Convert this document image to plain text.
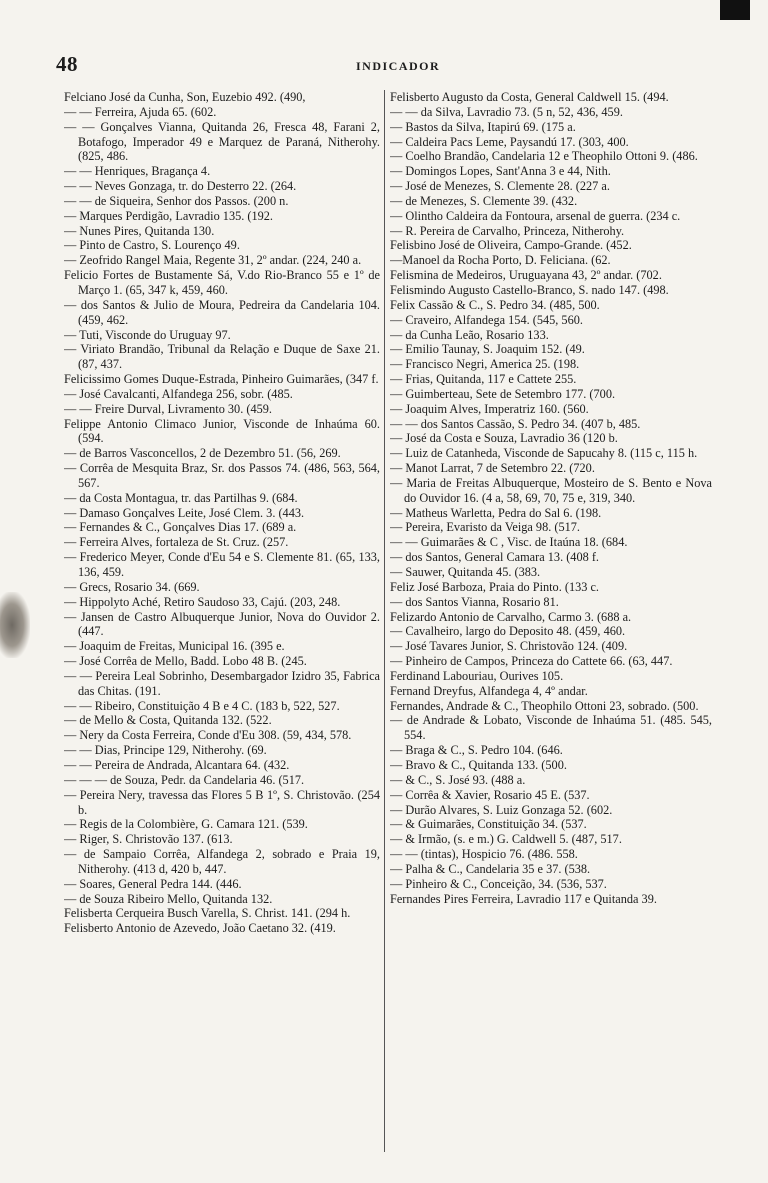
48	INDICADOR

Felciano José da Cunha, Son, Euzebio 492. (490,

— — Ferreira, Ajuda 65. (602.

— — Gonçalves Vianna, Quitanda 26, Fresca 48, Farani 2, Botafogo, Imperador 49 e Marquez de Paraná, Nitherohy. (825, 486.

— — Henriques, Bragança 4.

— — Neves Gonzaga, tr. do Desterro 22. (264.

— — de Siqueira, Senhor dos Passos. (200 n.

— Marques Perdigão, Lavradio 135. (192.

— Nunes Pires, Quitanda 130.

— Pinto de Castro, S. Lourenço 49.

— Zeofrido Rangel Maia, Regente 31, 2º andar. (224, 240 a.

Felicio Fortes de Bustamente Sá, V.do Rio-Branco 55 e 1º de Março 1. (65, 347 k, 459, 460.

— dos Santos & Julio de Moura, Pedreira da Candelaria 104. (459, 462.

— Tuti, Visconde do Uruguay 97.

— Viriato Brandão, Tribunal da Relação e Duque de Saxe 21. (87, 437.

Felicissimo Gomes Duque-Estrada, Pinheiro Guimarães, (347 f.

— José Cavalcanti, Alfandega 256, sobr. (485.

— — Freire Durval, Livramento 30. (459.

Felippe Antonio Climaco Junior, Visconde de Inhaúma 60. (594.

— de Barros Vasconcellos, 2 de Dezembro 51. (56, 269.

— Corrêa de Mesquita Braz, Sr. dos Passos 74. (486, 563, 564, 567.

— da Costa Montagua, tr. das Partilhas 9. (684.

— Damaso Gonçalves Leite, José Clem. 3. (443.

— Fernandes & C., Gonçalves Dias 17. (689 a.

— Ferreira Alves, fortaleza de St. Cruz. (257.

— Frederico Meyer, Conde d'Eu 54 e S. Clemente 81. (65, 133, 136, 459.

— Grecs, Rosario 34. (669.

— Hippolyto Aché, Retiro Saudoso 33, Cajú. (203, 248.

— Jansen de Castro Albuquerque Junior, Nova do Ouvidor 2. (447.

— Joaquim de Freitas, Municipal 16. (395 e.

— José Corrêa de Mello, Badd. Lobo 48 B. (245.

— — Pereira Leal Sobrinho, Desembargador Izidro 35, Fabrica das Chitas. (191.

— — Ribeiro, Constituição 4 B e 4 C. (183 b, 522, 527.

— de Mello & Costa, Quitanda 132. (522.

— Nery da Costa Ferreira, Conde d'Eu 308. (59, 434, 578.

— — Dias, Principe 129, Nitherohy. (69.

— — Pereira de Andrada, Alcantara 64. (432.

— — — de Souza, Pedr. da Candelaria 46. (517.

— Pereira Nery, travessa das Flores 5 B 1º, S. Christovão. (254 b.

— Regis de la Colombière, G. Camara 121. (539.

— Riger, S. Christovão 137. (613.

— de Sampaio Corrêa, Alfandega 2, sobrado e Praia 19, Nitherohy. (413 d, 420 b, 447.

— Soares, General Pedra 144. (446.

— de Souza Ribeiro Mello, Quitanda 132.

Felisberta Cerqueira Busch Varella, S. Christ. 141. (294 h.

Felisberto Antonio de Azevedo, João Caetano 32. (419.

Felisberto Augusto da Costa, General Caldwell 15. (494.

— — da Silva, Lavradio 73. (5 n, 52, 436, 459.

— Bastos da Silva, Itapirú 69. (175 a.

— Caldeira Pacs Leme, Paysandú 17. (303, 400.

— Coelho Brandão, Candelaria 12 e Theophilo Ottoni 9. (486.

— Domingos Lopes, Sant'Anna 3 e 44, Nith.

— José de Menezes, S. Clemente 28. (227 a.

— de Menezes, S. Clemente 39. (432.

— Olintho Caldeira da Fontoura, arsenal de guerra. (234 c.

— R. Pereira de Carvalho, Princeza, Nitherohy.

Felisbino José de Oliveira, Campo-Grande. (452.

—Manoel da Rocha Porto, D. Feliciana. (62.

Felismina de Medeiros, Uruguayana 43, 2º andar. (702.

Felismindo Augusto Castello-Branco, S. nado 147. (498.

Felix Cassão & C., S. Pedro 34. (485, 500.

— Craveiro, Alfandega 154. (545, 560.

— da Cunha Leão, Rosario 133.

— Emilio Taunay, S. Joaquim 152. (49.

— Francisco Negri, America 25. (198.

— Frias, Quitanda, 117 e Cattete 255.

— Guimberteau, Sete de Setembro 177. (700.

— Joaquim Alves, Imperatriz 160. (560.

— — dos Santos Cassão, S. Pedro 34. (407 b, 485.

— José da Costa e Souza, Lavradio 36 (120 b.

— Luiz de Catanheda, Visconde de Sapucahy 8. (115 c, 115 h.

— Manot Larrat, 7 de Setembro 22. (720.

— Maria de Freitas Albuquerque, Mosteiro de S. Bento e Nova do Ouvidor 16. (4 a, 58, 69, 70, 75 e, 319, 340.

— Matheus Warletta, Pedra do Sal 6. (198.

— Pereira, Evaristo da Veiga 98. (517.

— — Guimarães & C , Visc. de Itaúna 18. (684.

— dos Santos, General Camara 13. (408 f.

— Sauwer, Quitanda 45. (383.

Feliz José Barboza, Praia do Pinto. (133 c.

— dos Santos Vianna, Rosario 81.

Felizardo Antonio de Carvalho, Carmo 3. (688 a.

— Cavalheiro, largo do Deposito 48. (459, 460.

— José Tavares Junior, S. Christovão 124. (409.

— Pinheiro de Campos, Princeza do Cattete 66. (63, 447.

Ferdinand Labouriau, Ourives 105.

Fernand Dreyfus, Alfandega 4, 4º andar.

Fernandes, Andrade & C., Theophilo Ottoni 23, sobrado. (500.

— de Andrade & Lobato, Visconde de Inhaúma 51. (485. 545, 554.

— Braga & C., S. Pedro 104. (646.

— Bravo & C., Quitanda 133. (500.

— & C., S. José 93. (488 a.

— Corrêa & Xavier, Rosario 45 E. (537.

— Durão Alvares, S. Luiz Gonzaga 52. (602.

— & Guimarães, Constituição 34. (537.

— & Irmão, (s. e m.) G. Caldwell 5. (487, 517.

— — (tintas), Hospicio 76. (486. 558.

— Palha & C., Candelaria 35 e 37. (538.

— Pinheiro & C., Conceição, 34. (536, 537.

Fernandes Pires Ferreira, Lavradio 117 e Quitanda 39.
